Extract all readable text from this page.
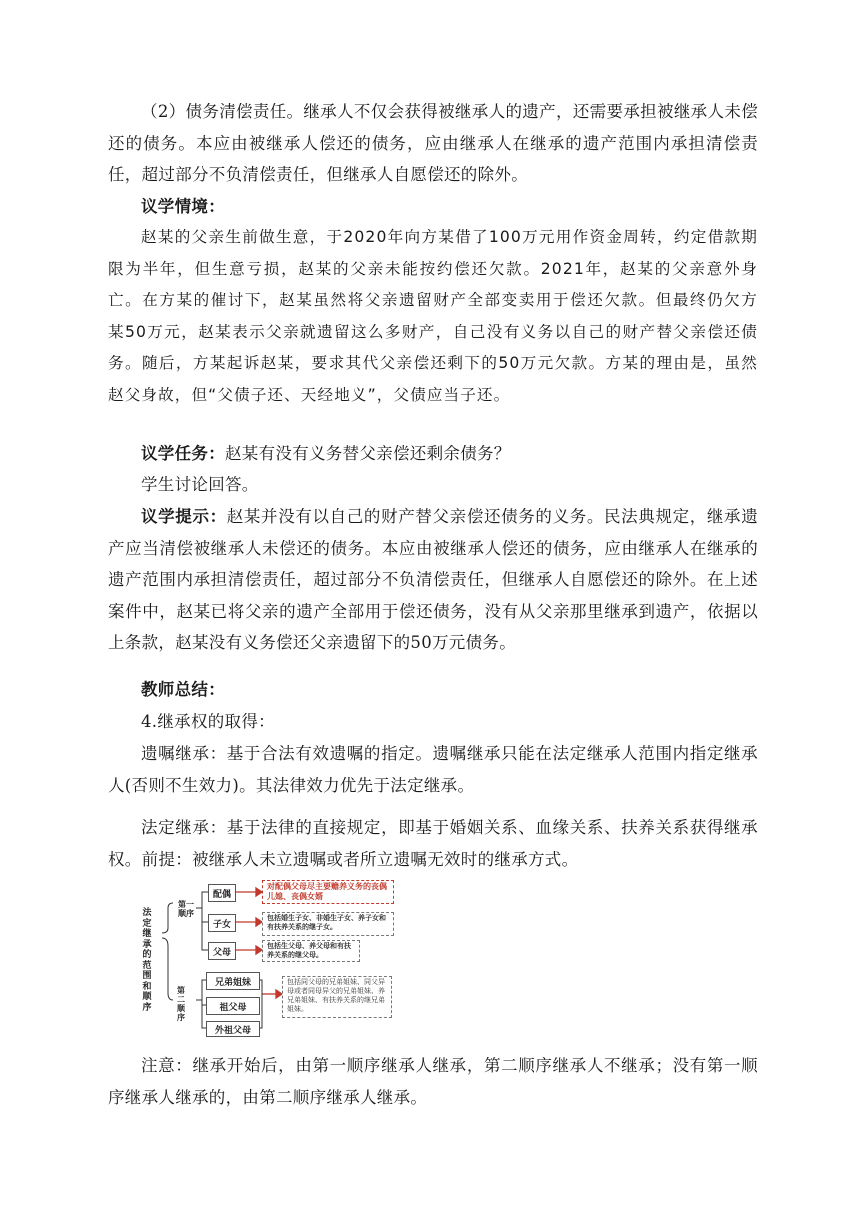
（2）债务清偿责任。继承人不仅会获得被继承人的遗产，还需要承担被继承人未偿还的债务。本应由被继承人偿还的债务，应由继承人在继承的遗产范围内承担清偿责任，超过部分不负清偿责任，但继承人自愿偿还的除外。

议学情境：

赵某的父亲生前做生意，于2020年向方某借了100万元用作资金周转，约定借款期限为半年，但生意亏损，赵某的父亲未能按约偿还欠款。2021年，赵某的父亲意外身亡。在方某的催讨下，赵某虽然将父亲遗留财产全部变卖用于偿还欠款。但最终仍欠方某50万元，赵某表示父亲就遗留这么多财产，自己没有义务以自己的财产替父亲偿还债务。随后，方某起诉赵某，要求其代父亲偿还剩下的50万元欠款。方某的理由是，虽然赵父身故，但“父债子还、天经地义”，父债应当子还。

议学任务：赵某有没有义务替父亲偿还剩余债务？

学生讨论回答。

议学提示：赵某并没有以自己的财产替父亲偿还债务的义务。民法典规定，继承遗产应当清偿被继承人未偿还的债务。本应由被继承人偿还的债务，应由继承人在继承的遗产范围内承担清偿责任，超过部分不负清偿责任，但继承人自愿偿还的除外。在上述案件中，赵某已将父亲的遗产全部用于偿还债务，没有从父亲那里继承到遗产，依据以上条款，赵某没有义务偿还父亲遗留下的50万元债务。

教师总结：

4.继承权的取得：

遗嘱继承：基于合法有效遗嘱的指定。遗嘱继承只能在法定继承人范围内指定继承人(否则不生效力)。其法律效力优先于法定继承。

法定继承：基于法律的直接规定，即基于婚姻关系、血缘关系、扶养关系获得继承权。前提：被继承人未立遗嘱或者所立遗嘱无效时的继承方式。

法定继承的范围和顺序
第一顺序
第二顺序
配偶
子女
父母
兄弟姐妹
祖父母
外祖父母
对配偶父母尽主要赡养义务的丧偶儿媳、丧偶女婿
包括婚生子女、非婚生子女、养子女和有扶养关系的继子女。
包括生父母、养父母和有扶养关系的继父母。
包括同父母的兄弟姐妹、同父异母或者同母异父的兄弟姐妹、养兄弟姐妹、有扶养关系的继兄弟姐妹。

注意：继承开始后，由第一顺序继承人继承，第二顺序继承人不继承；没有第一顺序继承人继承的，由第二顺序继承人继承。
